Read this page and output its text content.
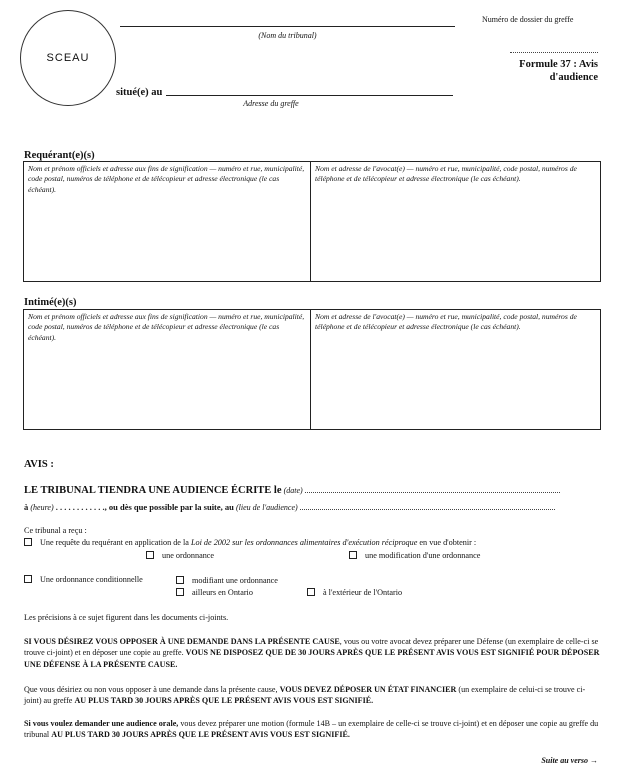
SCEAU
(Nom du tribunal)
situé(e) au
Adresse du greffe
Numéro de dossier du greffe
Formule 37 : Avis
d'audience
Requérant(e)(s)
Nom et prénom officiels et adresse aux fins de signification — numéro et rue, municipalité, code postal, numéros de téléphone et de télécopieur et adresse électronique (le cas échéant).
Nom et adresse de l'avocat(e) — numéro et rue, municipalité, code postal, numéros de téléphone et de télécopieur et adresse électronique (le cas échéant).
Intimé(e)(s)
Nom et prénom officiels et adresse aux fins de signification — numéro et rue, municipalité, code postal, numéros de téléphone et de télécopieur et adresse électronique (le cas échéant).
Nom et adresse de l'avocat(e) — numéro et rue, municipalité, code postal, numéros de téléphone et de télécopieur et adresse électronique (le cas échéant).
AVIS :
LE TRIBUNAL TIENDRA UNE AUDIENCE ÉCRITE le (date)
à (heure) . . . . . . . . . . . ., ou dès que possible par la suite, au (lieu de l'audience)
Ce tribunal a reçu :
Une requête du requérant en application de la Loi de 2002 sur les ordonnances alimentaires d'exécution réciproque en vue d'obtenir :
une ordonnance	une modification d'une ordonnance
Une ordonnance conditionnelle	modifiant une ordonnance
ailleurs en Ontario	à l'extérieur de l'Ontario
Les précisions à ce sujet figurent dans les documents ci-joints.
SI VOUS DÉSIREZ VOUS OPPOSER À UNE DEMANDE DANS LA PRÉSENTE CAUSE, vous ou votre avocat devez préparer une Défense (un exemplaire de celle-ci se trouve ci-joint) et en déposer une copie au greffe. VOUS NE DISPOSEZ QUE DE 30 JOURS APRÈS QUE LE PRÉSENT AVIS VOUS EST SIGNIFIÉ POUR DÉPOSER UNE DÉFENSE À LA PRÉSENTE CAUSE.
Que vous désiriez ou non vous opposer à une demande dans la présente cause, VOUS DEVEZ DÉPOSER UN ÉTAT FINANCIER (un exemplaire de celui-ci se trouve ci-joint) au greffe AU PLUS TARD 30 JOURS APRÈS QUE LE PRÉSENT AVIS VOUS EST SIGNIFIÉ.
Si vous voulez demander une audience orale, vous devez préparer une motion (formule 14B – un exemplaire de celle-ci se trouve ci-joint) et en déposer une copie au greffe du tribunal AU PLUS TARD 30 JOURS APRÈS QUE LE PRÉSENT AVIS VOUS EST SIGNIFIÉ.
Suite au verso →
